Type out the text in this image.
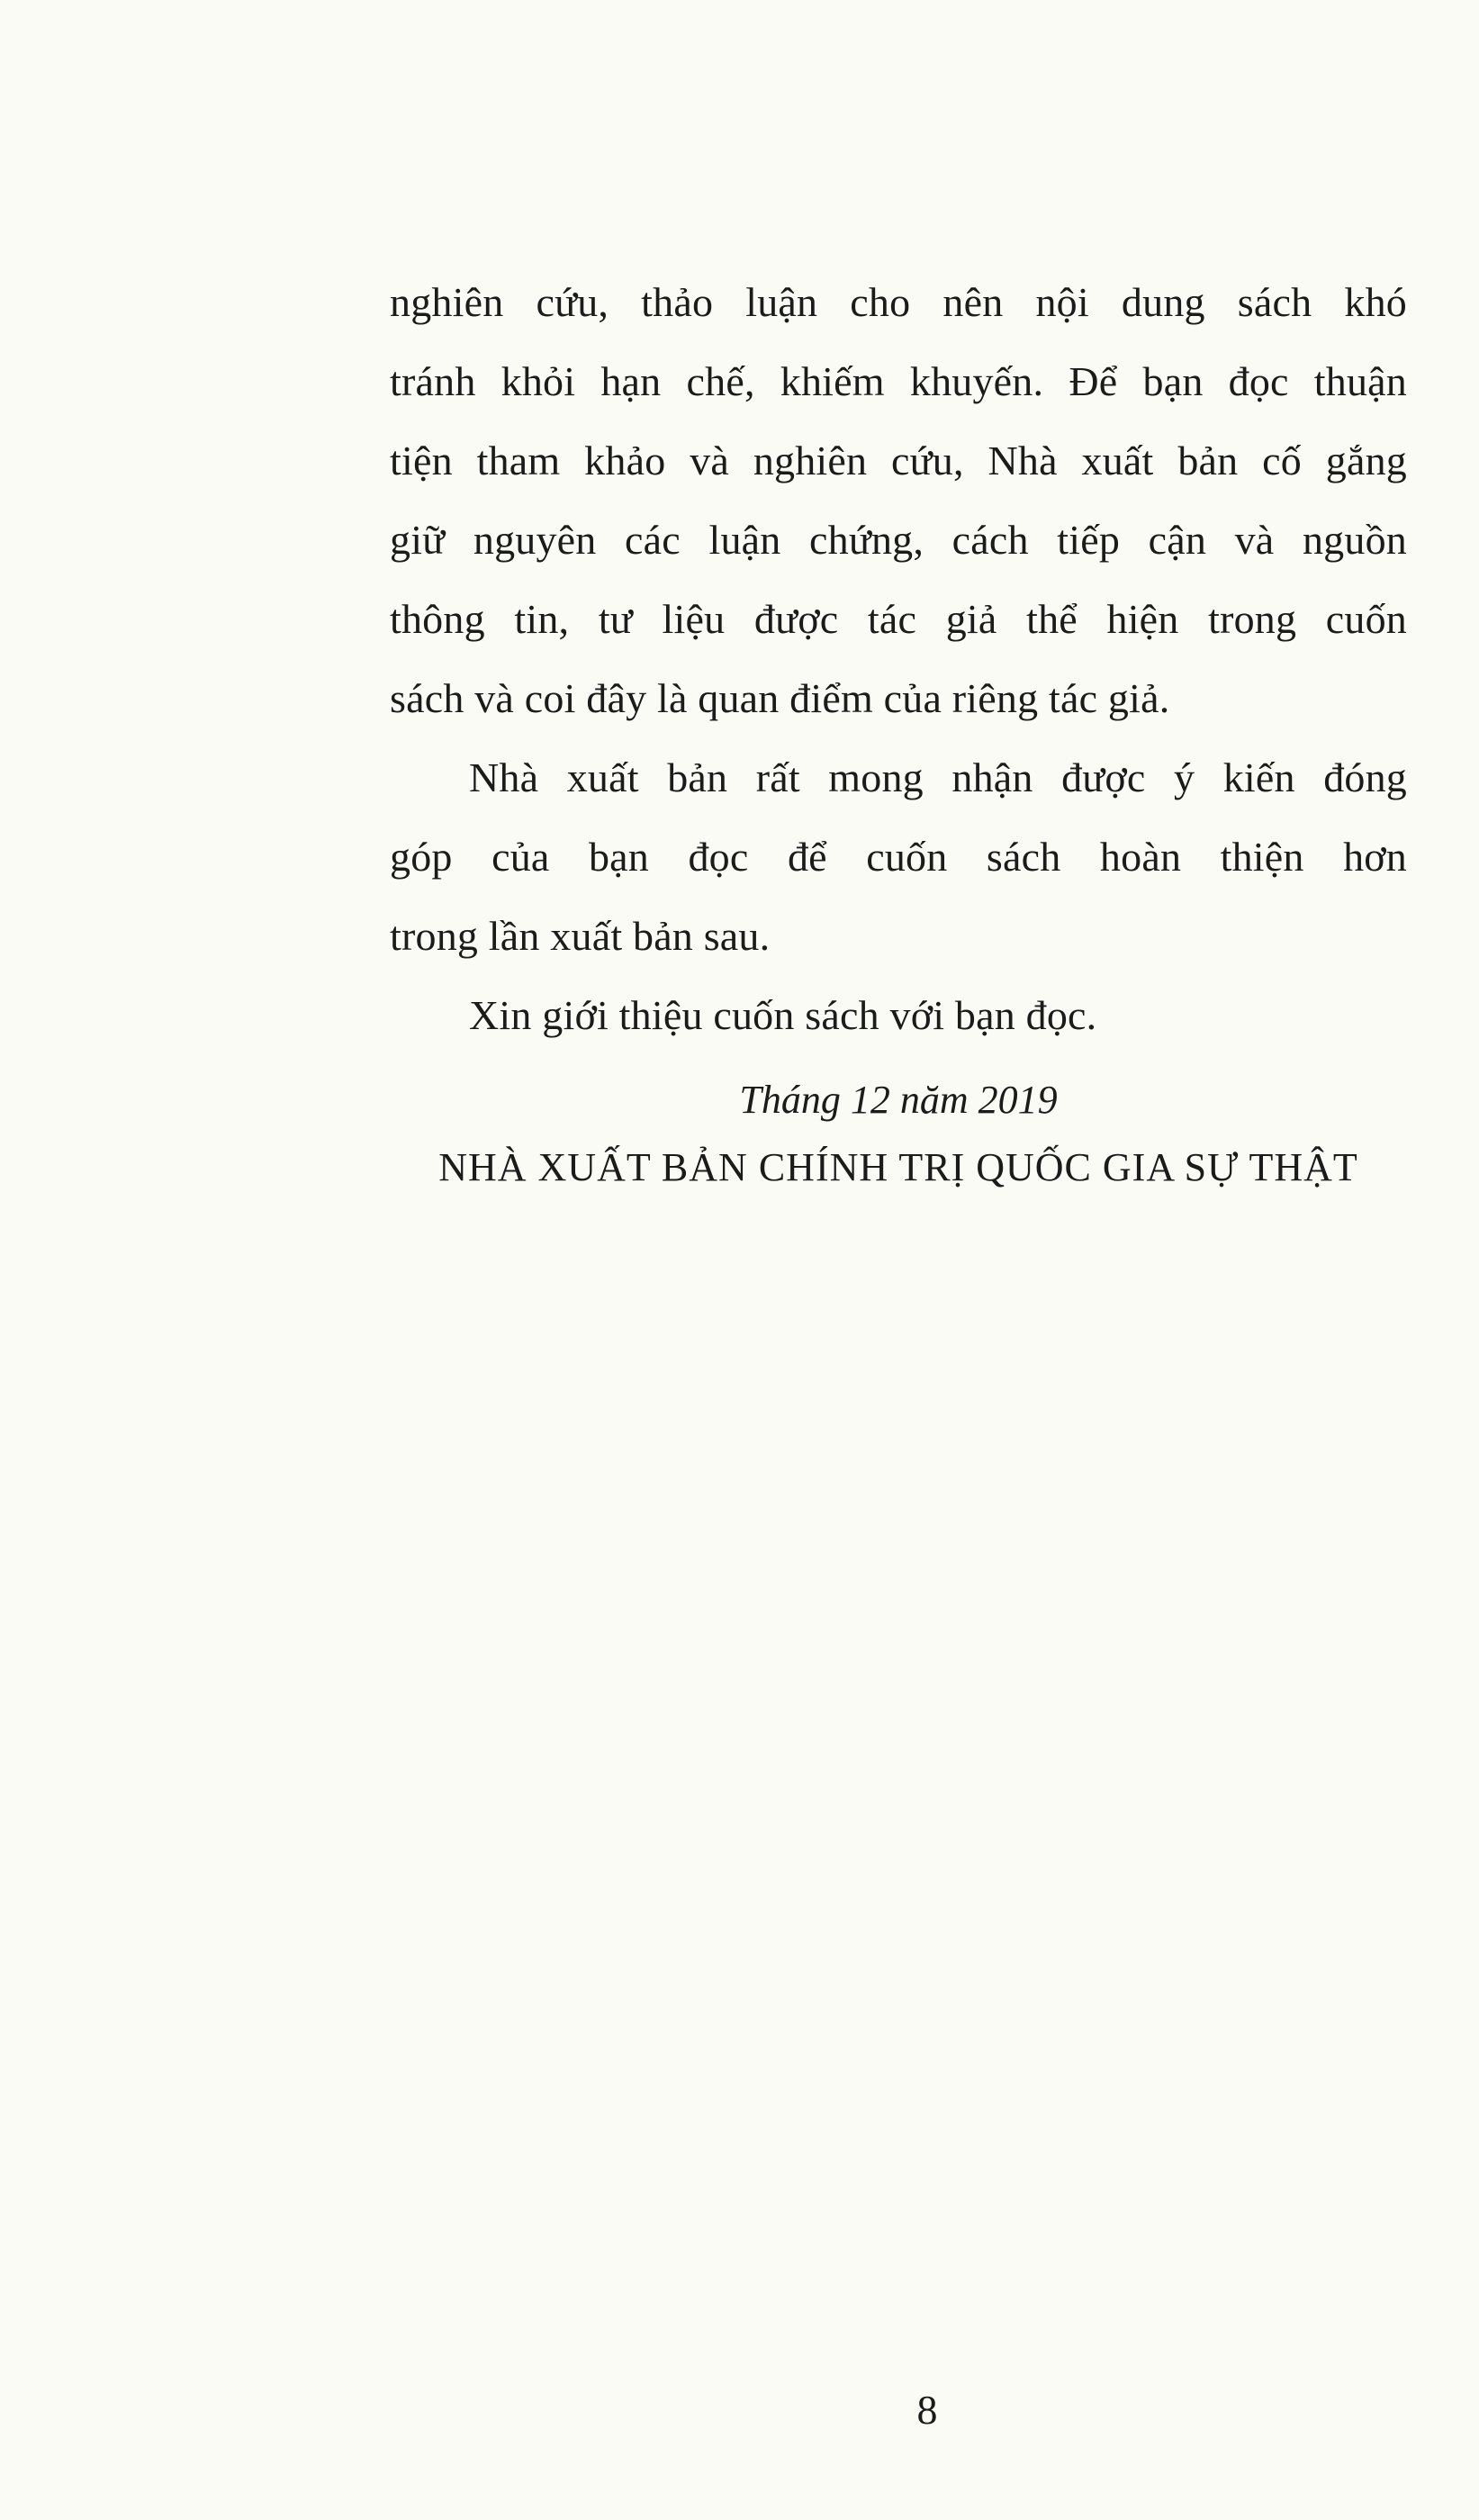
nghiên cứu, thảo luận cho nên nội dung sách khó

tránh khỏi hạn chế, khiếm khuyến. Để bạn đọc thuận

tiện tham khảo và nghiên cứu, Nhà xuất bản cố gắng

giữ nguyên các luận chứng, cách tiếp cận và nguồn

thông tin, tư liệu được tác giả thể hiện trong cuốn

sách và coi đây là quan điểm của riêng tác giả.

Nhà xuất bản rất mong nhận được ý kiến đóng

góp của bạn đọc để cuốn sách hoàn thiện hơn

trong lần xuất bản sau.

Xin giới thiệu cuốn sách với bạn đọc.

Tháng 12 năm 2019
NHÀ XUẤT BẢN CHÍNH TRỊ QUỐC GIA SỰ THẬT
8
